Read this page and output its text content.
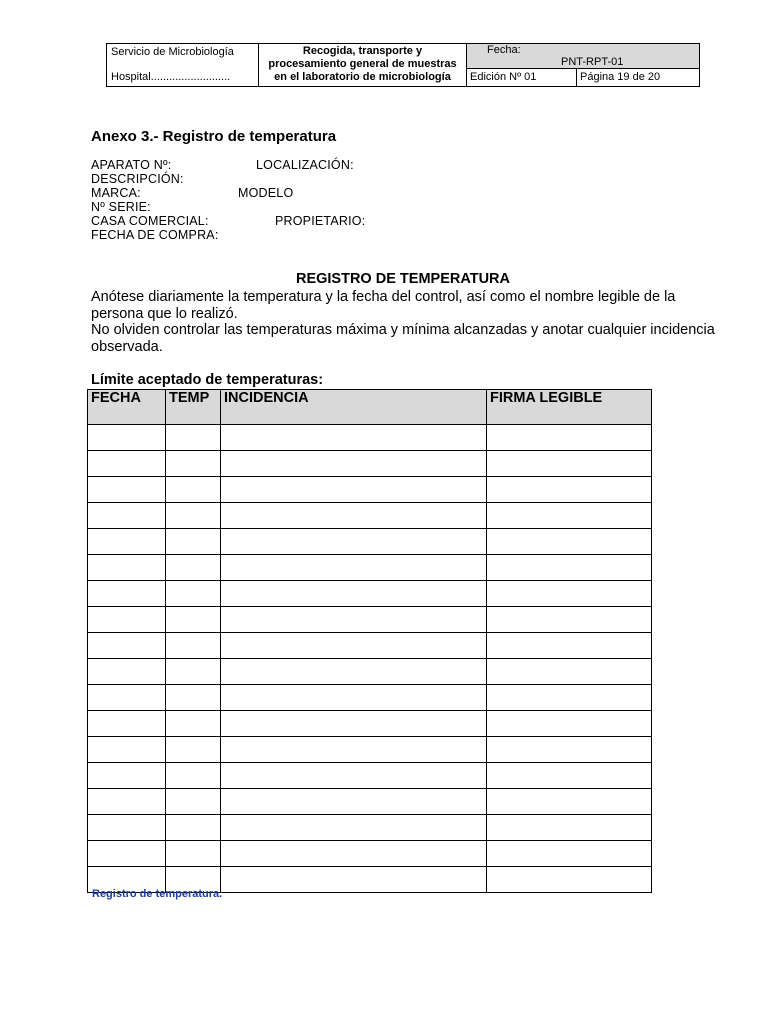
Servicio de Microbiología
Hospital..........................
Recogida, transporte y
procesamiento general de muestras
en el laboratorio de microbiología
Fecha:
PNT-RPT-01
Edición Nº 01	Página 19 de 20
Anexo 3.- Registro de temperatura
APARATO Nº:	LOCALIZACIÓN:
DESCRIPCIÓN:
MARCA:	MODELO
Nº SERIE:
CASA COMERCIAL:	PROPIETARIO:
FECHA DE COMPRA:
REGISTRO DE TEMPERATURA
Anótese diariamente la temperatura y la fecha del control, así como el nombre legible de la persona que lo realizó.
No olviden controlar las temperaturas máxima y mínima alcanzadas y anotar cualquier incidencia observada.
Límite aceptado de temperaturas:
FECHA	TEMP	INCIDENCIA	FIRMA LEGIBLE

Registro de temperatura.
